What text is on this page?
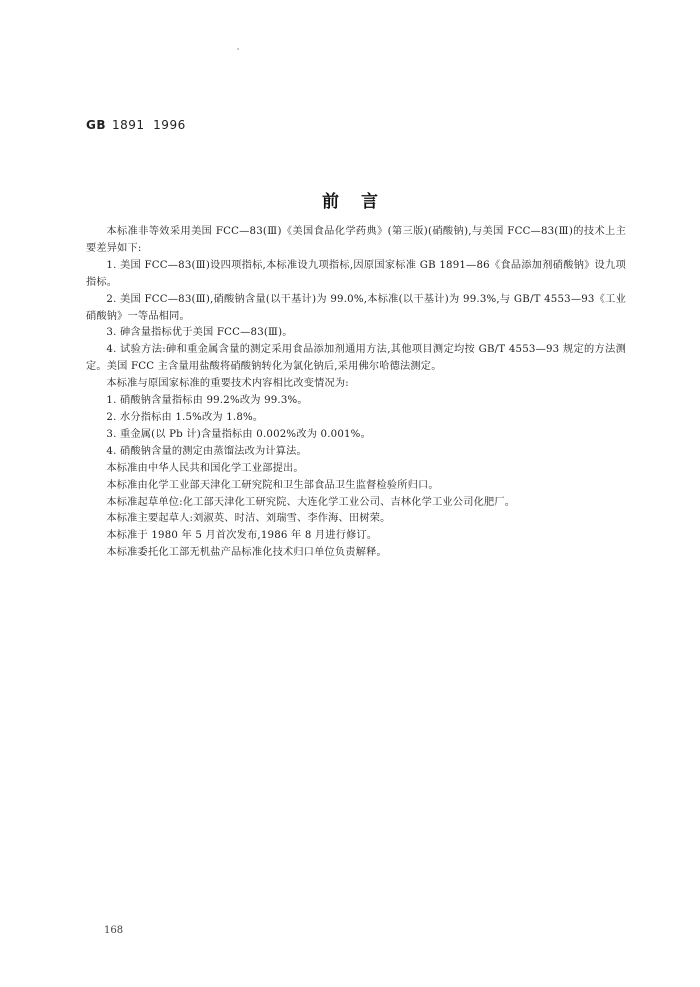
GB 1891  1996
前言

本标准非等效采用美国 FCC—83(Ⅲ)《美国食品化学药典》(第三版)(硝酸钠),与美国 FCC—83(Ⅲ)的技术上主要差异如下:

1. 美国 FCC—83(Ⅲ)设四项指标,本标准设九项指标,因原国家标准 GB 1891—86《食品添加剂硝酸钠》设九项指标。

2. 美国 FCC—83(Ⅲ),硝酸钠含量(以干基计)为 99.0%,本标准(以干基计)为 99.3%,与 GB/T 4553—93《工业硝酸钠》一等品相同。

3. 砷含量指标优于美国 FCC—83(Ⅲ)。

4. 试验方法:砷和重金属含量的测定采用食品添加剂通用方法,其他项目测定均按 GB/T 4553—93 规定的方法测定。美国 FCC 主含量用盐酸将硝酸钠转化为氯化钠后,采用佛尔哈德法测定。

本标准与原国家标准的重要技术内容相比改变情况为:

1. 硝酸钠含量指标由 99.2%改为 99.3%。

2. 水分指标由 1.5%改为 1.8%。

3. 重金属(以 Pb 计)含量指标由 0.002%改为 0.001%。

4. 硝酸钠含量的测定由蒸馏法改为计算法。

本标准由中华人民共和国化学工业部提出。

本标准由化学工业部天津化工研究院和卫生部食品卫生监督检验所归口。

本标准起草单位:化工部天津化工研究院、大连化学工业公司、吉林化学工业公司化肥厂。

本标准主要起草人:刘淑英、时洁、刘瑞雪、李作海、田树荣。

本标准于 1980 年 5 月首次发布,1986 年 8 月进行修订。

本标准委托化工部无机盐产品标准化技术归口单位负责解释。

168
